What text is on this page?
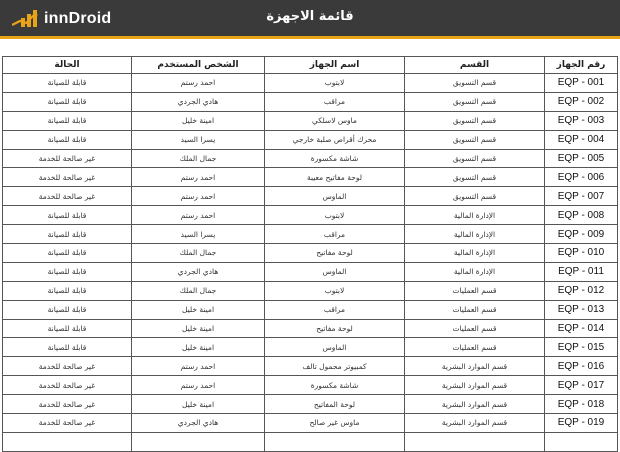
innDroid	قائمة الاجهزة
الحالة	الشخص المستخدم	اسم الجهاز	القسم	رقم الجهاز
قابلة للصيانة	احمد رستم	لابتوب	قسم التسويق	EQP - 001
قابلة للصيانة	هادي الجردي	مراقب	قسم التسويق	EQP - 002
قابلة للصيانة	امينة خليل	ماوس لاسلكي	قسم التسويق	EQP - 003
قابلة للصيانة	يسرا السيد	محرك أقراص صلبة خارجي	قسم التسويق	EQP - 004
غير صالحة للخدمة	جمال الملك	شاشة مكسورة	قسم التسويق	EQP - 005
غير صالحة للخدمة	احمد رستم	لوحة مفاتيح معيبة	قسم التسويق	EQP - 006
غير صالحة للخدمة	احمد رستم	الماوس	قسم التسويق	EQP - 007
قابلة للصيانة	احمد رستم	لابتوب	الإدارة المالية	EQP - 008
قابلة للصيانة	يسرا السيد	مراقب	الإدارة المالية	EQP - 009
قابلة للصيانة	جمال الملك	لوحة مفاتيح	الإدارة المالية	EQP - 010
قابلة للصيانة	هادي الجردي	الماوس	الإدارة المالية	EQP - 011
قابلة للصيانة	جمال الملك	لابتوب	قسم العمليات	EQP - 012
قابلة للصيانة	امينة خليل	مراقب	قسم العمليات	EQP - 013
قابلة للصيانة	امينة خليل	لوحة مفاتيح	قسم العمليات	EQP - 014
قابلة للصيانة	امينة خليل	الماوس	قسم العمليات	EQP - 015
غير صالحة للخدمة	احمد رستم	كمبيوتر محمول تالف	قسم الموارد البشرية	EQP - 016
غير صالحة للخدمة	احمد رستم	شاشة مكسورة	قسم الموارد البشرية	EQP - 017
غير صالحة للخدمة	امينة خليل	لوحة المفاتيح	قسم الموارد البشرية	EQP - 018
غير صالحة للخدمة	هادي الجردي	ماوس غير صالح	قسم الموارد البشرية	EQP - 019
